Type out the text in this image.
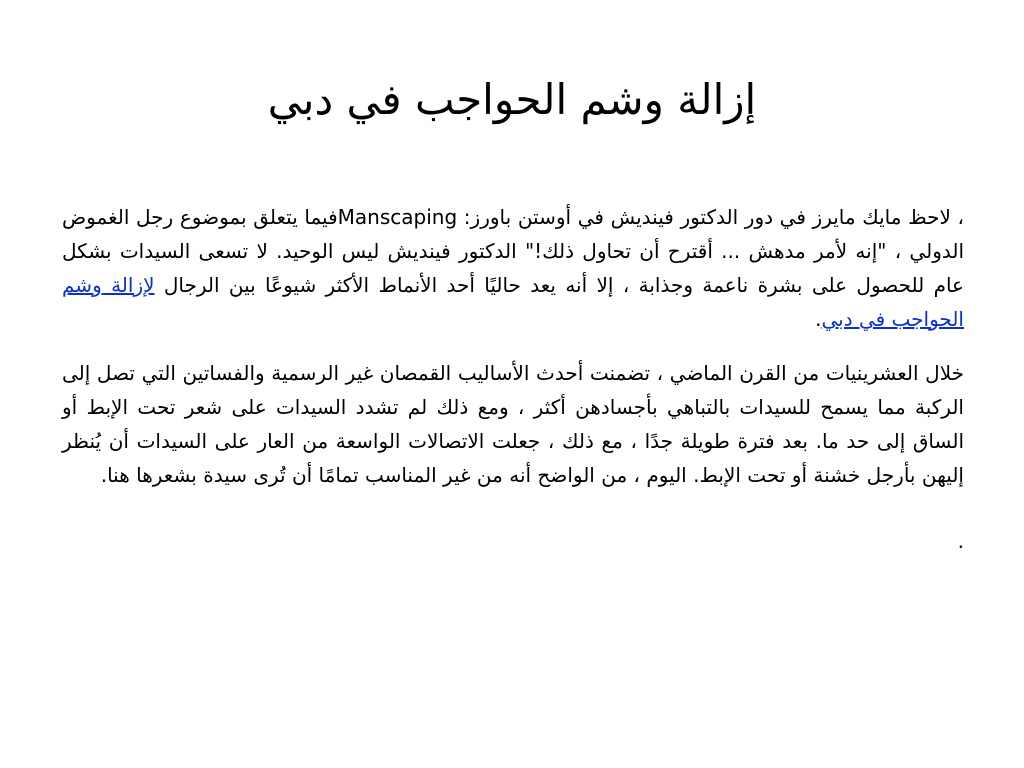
إزالة وشم الحواجب في دبي

، لاحظ مايك مايرز في دور الدكتور فينديش في أوستن باورز: Manscapingفيما يتعلق بموضوع رجل الغموض الدولي ، "إنه لأمر مدهش ... أقترح أن تحاول ذلك!" الدكتور فينديش ليس الوحيد. لا تسعى السيدات بشكل عام للحصول على بشرة ناعمة وجذابة ، إلا أنه يعد حاليًا أحد الأنماط الأكثر شيوعًا بين الرجال لإزالة وشم الحواجب في دبي.

خلال العشرينيات من القرن الماضي ، تضمنت أحدث الأساليب القمصان غير الرسمية والفساتين التي تصل إلى الركبة مما يسمح للسيدات بالتباهي بأجسادهن أكثر ، ومع ذلك لم تشدد السيدات على شعر تحت الإبط أو الساق إلى حد ما. بعد فترة طويلة جدًا ، مع ذلك ، جعلت الاتصالات الواسعة من العار على السيدات أن يُنظر إليهن بأرجل خشنة أو تحت الإبط. اليوم ، من الواضح أنه من غير المناسب تمامًا أن تُرى سيدة بشعرها هنا.

.
